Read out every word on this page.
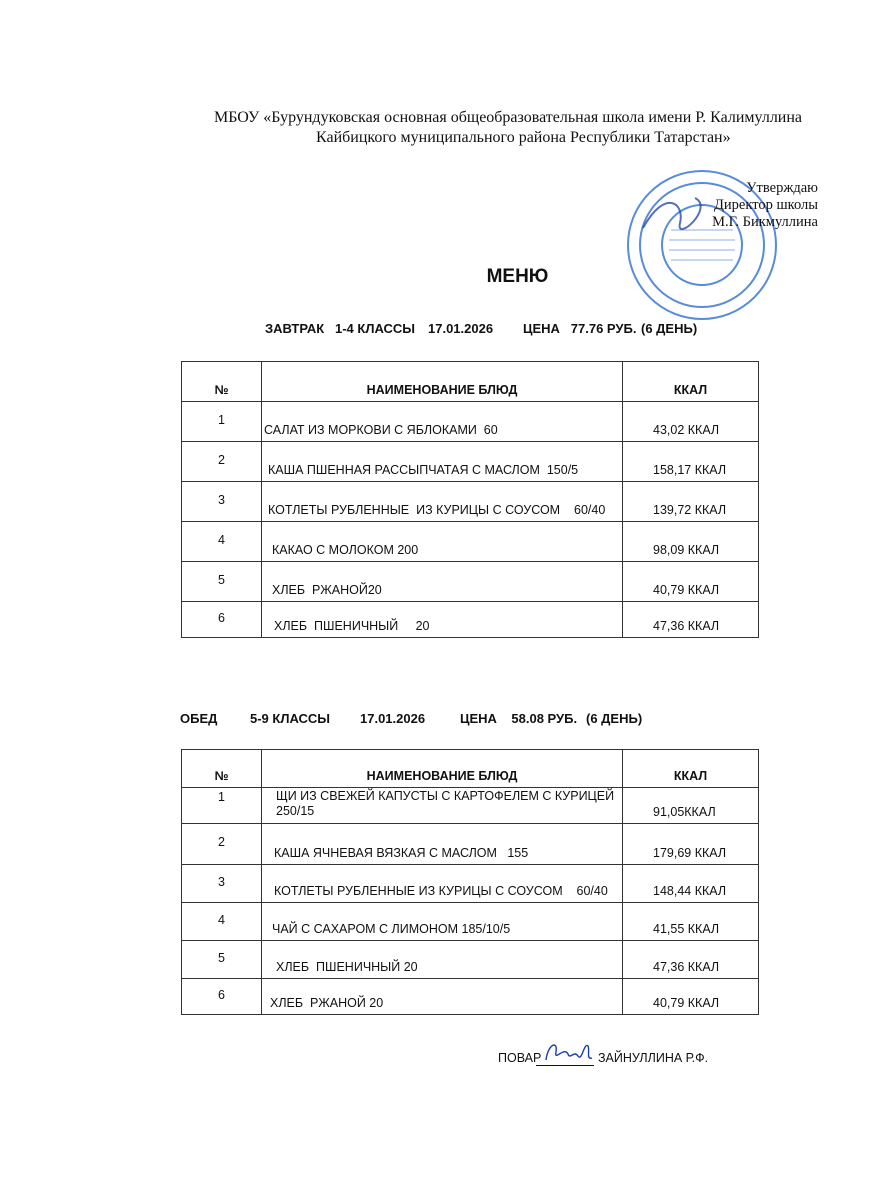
МБОУ «Бурундуковская основная общеобразовательная школа имени Р. Калимуллина
Кайбицкого муниципального района Республики Татарстан»
Утверждаю
Директор школы
М.Г. Бикмуллина
МЕНЮ
ЗАВТРАК 1-4 КЛАССЫ 17.01.2026 ЦЕНА   77.76 РУБ. (6 ДЕНЬ)
№	НАИМЕНОВАНИЕ БЛЮД	ККАЛ
1	САЛАТ ИЗ МОРКОВИ С ЯБЛОКАМИ  60	43,02 ККАЛ
2	КАША ПШЕННАЯ РАССЫПЧАТАЯ С МАСЛОМ  150/5	158,17 ККАЛ
3	КОТЛЕТЫ РУБЛЕННЫЕ  ИЗ КУРИЦЫ С СОУСОМ    60/40	139,72 ККАЛ
4	КАКАО С МОЛОКОМ 200	98,09 ККАЛ
5	ХЛЕБ  РЖАНОЙ20	40,79 ККАЛ
6	ХЛЕБ  ПШЕНИЧНЫЙ     20	47,36 ККАЛ
ОБЕД	5-9 КЛАССЫ 17.01.2026	ЦЕНА    58.08 РУБ. (6 ДЕНЬ)
№	НАИМЕНОВАНИЕ БЛЮД	ККАЛ
1	ЩИ ИЗ СВЕЖЕЙ КАПУСТЫ С КАРТОФЕЛЕМ С КУРИЦЕЙ 250/15	91,05ККАЛ
2	КАША ЯЧНЕВАЯ ВЯЗКАЯ С МАСЛОМ   155	179,69 ККАЛ
3	КОТЛЕТЫ РУБЛЕННЫЕ ИЗ КУРИЦЫ С СОУСОМ    60/40	148,44 ККАЛ
4	ЧАЙ С САХАРОМ С ЛИМОНОМ 185/10/5	41,55 ККАЛ
5	ХЛЕБ  ПШЕНИЧНЫЙ 20	47,36 ККАЛ
6	ХЛЕБ  РЖАНОЙ 20	40,79 ККАЛ
ПОВАР	ЗАЙНУЛЛИНА Р.Ф.
